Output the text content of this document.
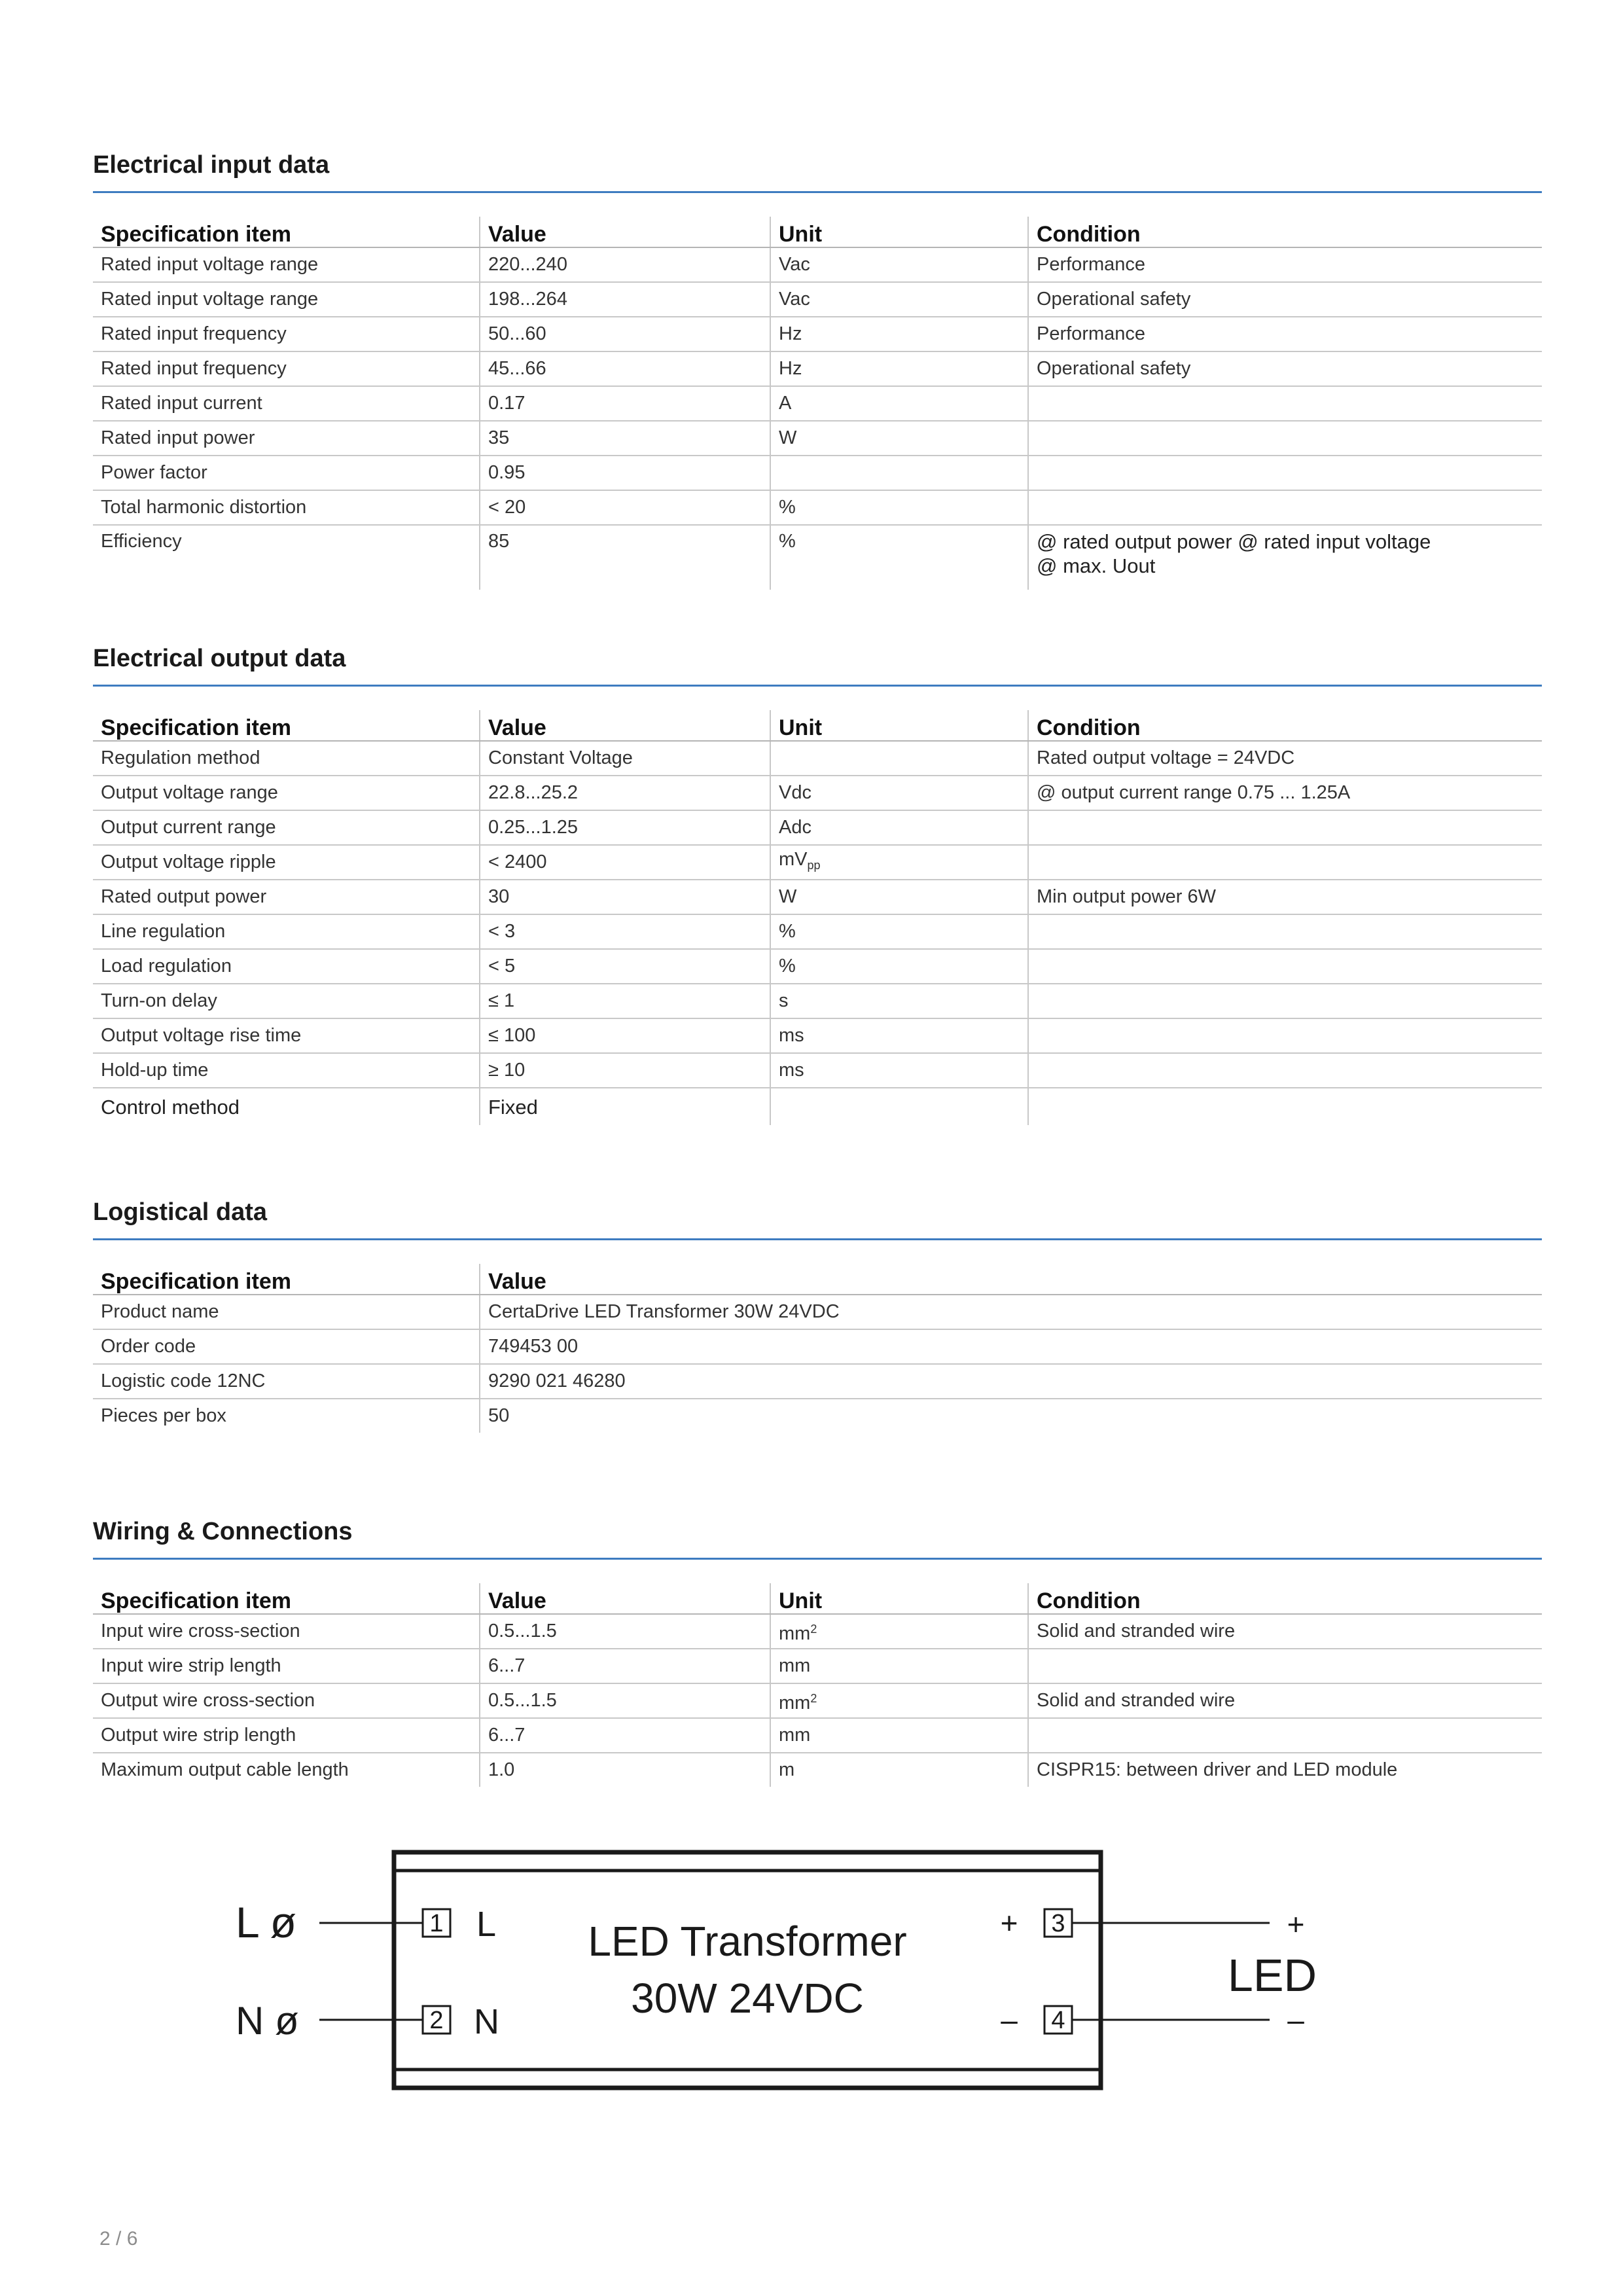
Electrical input data
Specification item	Value	Unit	Condition
Rated input voltage range	220...240	Vac	Performance
Rated input voltage range	198...264	Vac	Operational safety
Rated input frequency	50...60	Hz	Performance
Rated input frequency	45...66	Hz	Operational safety
Rated input current	0.17	A	
Rated input power	35	W	
Power factor	0.95		
Total harmonic distortion	< 20	%	
Efficiency	85	%	@ rated output power @ rated input voltage
@ max. Uout
Electrical output data
Specification item	Value	Unit	Condition
Regulation method	Constant Voltage		Rated output voltage = 24VDC
Output voltage range	22.8...25.2	Vdc	@ output current range 0.75 ... 1.25A
Output current range	0.25...1.25	Adc	
Output voltage ripple	< 2400	$mV_{pp}$	
Rated output power	30	W	Min output power 6W
Line regulation	< 3	%	
Load regulation	< 5	%	
Turn-on delay	≤ 1	s	
Output voltage rise time	≤ 100	ms	
Hold-up time	≥ 10	ms	
Control method	Fixed		
Logistical data
Specification item	Value
Product name	CertaDrive LED Transformer 30W 24VDC
Order code	749453 00
Logistic code 12NC	9290 021 46280
Pieces per box	50
Wiring & Connections
Specification item	Value	Unit	Condition
Input wire cross-section	0.5...1.5	$mm^2$	Solid and stranded wire
Input wire strip length	6...7	mm	
Output wire cross-section	0.5...1.5	$mm^2$	Solid and stranded wire
Output wire strip length	6...7	mm	
Maximum output cable length	1.0	m	CISPR15: between driver and LED module
LED Transformer
30W 24VDC
L ø
N ø
1 L
2 N
+ 3
– 4
+
–
LED
2 / 6
